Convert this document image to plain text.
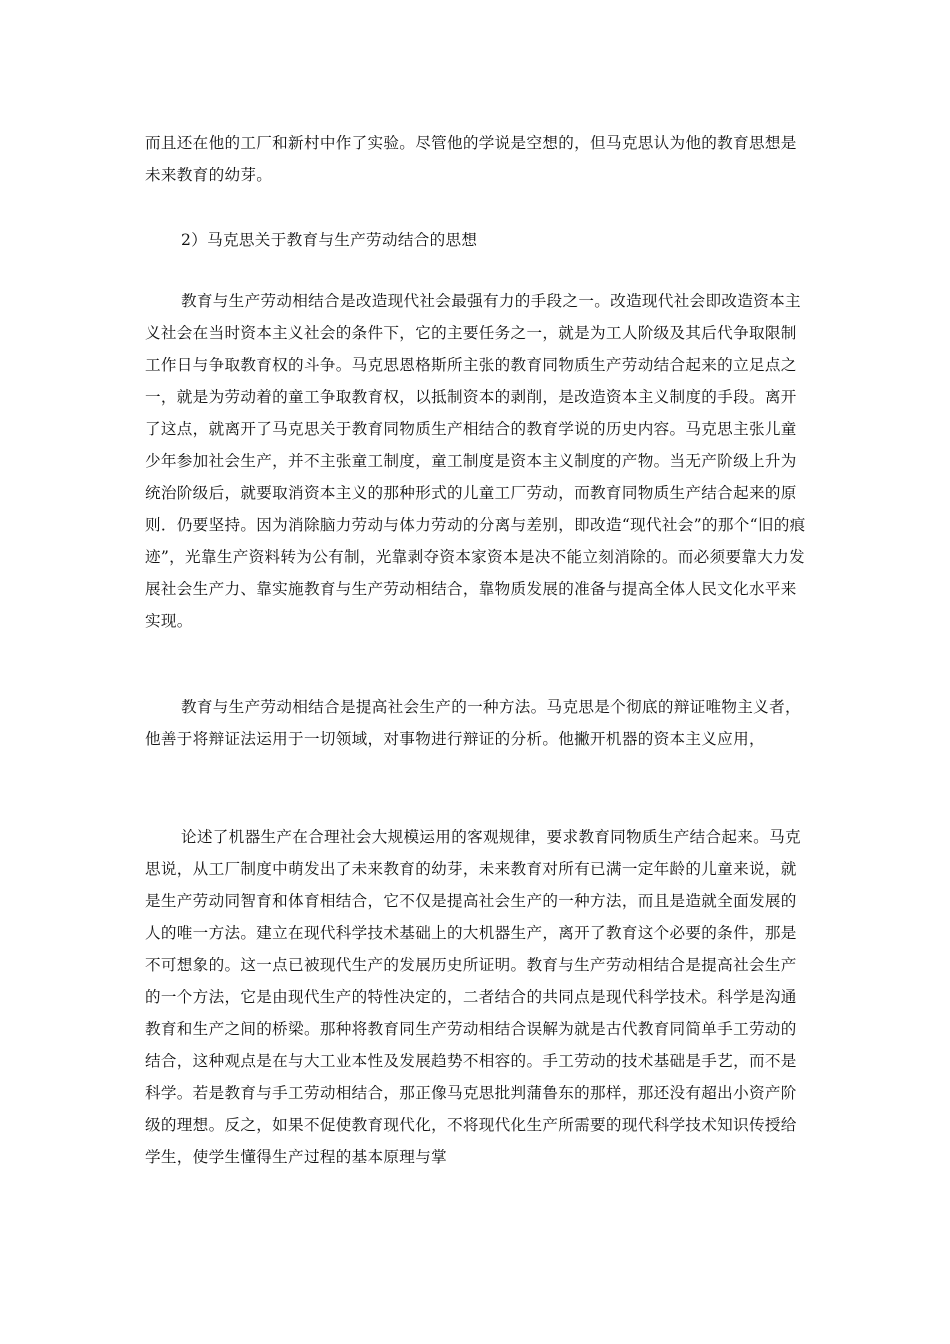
而且还在他的工厂和新村中作了实验。尽管他的学说是空想的，但马克思认为他的教育思想是未来教育的幼芽。

2）马克思关于教育与生产劳动结合的思想

教育与生产劳动相结合是改造现代社会最强有力的手段之一。改造现代社会即改造资本主义社会在当时资本主义社会的条件下，它的主要任务之一，就是为工人阶级及其后代争取限制工作日与争取教育权的斗争。马克思恩格斯所主张的教育同物质生产劳动结合起来的立足点之一，就是为劳动着的童工争取教育权，以抵制资本的剥削，是改造资本主义制度的手段。离开了这点，就离开了马克思关于教育同物质生产相结合的教育学说的历史内容。马克思主张儿童少年参加社会生产，并不主张童工制度，童工制度是资本主义制度的产物。当无产阶级上升为统治阶级后，就要取消资本主义的那种形式的儿童工厂劳动，而教育同物质生产结合起来的原则．仍要坚持。因为消除脑力劳动与体力劳动的分离与差别，即改造“现代社会”的那个“旧的痕迹”，光靠生产资料转为公有制，光靠剥夺资本家资本是决不能立刻消除的。而必须要靠大力发展社会生产力、靠实施教育与生产劳动相结合，靠物质发展的准备与提高全体人民文化水平来实现。

教育与生产劳动相结合是提高社会生产的一种方法。马克思是个彻底的辩证唯物主义者，他善于将辩证法运用于一切领域，对事物进行辩证的分析。他撇开机器的资本主义应用，

论述了机器生产在合理社会大规模运用的客观规律，要求教育同物质生产结合起来。马克思说，从工厂制度中萌发出了未来教育的幼芽，未来教育对所有已满一定年龄的儿童来说，就是生产劳动同智育和体育相结合，它不仅是提高社会生产的一种方法，而且是造就全面发展的人的唯一方法。建立在现代科学技术基础上的大机器生产，离开了教育这个必要的条件，那是不可想象的。这一点已被现代生产的发展历史所证明。教育与生产劳动相结合是提高社会生产的一个方法，它是由现代生产的特性决定的，二者结合的共同点是现代科学技术。科学是沟通教育和生产之间的桥梁。那种将教育同生产劳动相结合误解为就是古代教育同简单手工劳动的结合，这种观点是在与大工业本性及发展趋势不相容的。手工劳动的技术基础是手艺，而不是科学。若是教育与手工劳动相结合，那正像马克思批判蒲鲁东的那样，那还没有超出小资产阶级的理想。反之，如果不促使教育现代化，不将现代化生产所需要的现代科学技术知识传授给学生，使学生懂得生产过程的基本原理与掌
